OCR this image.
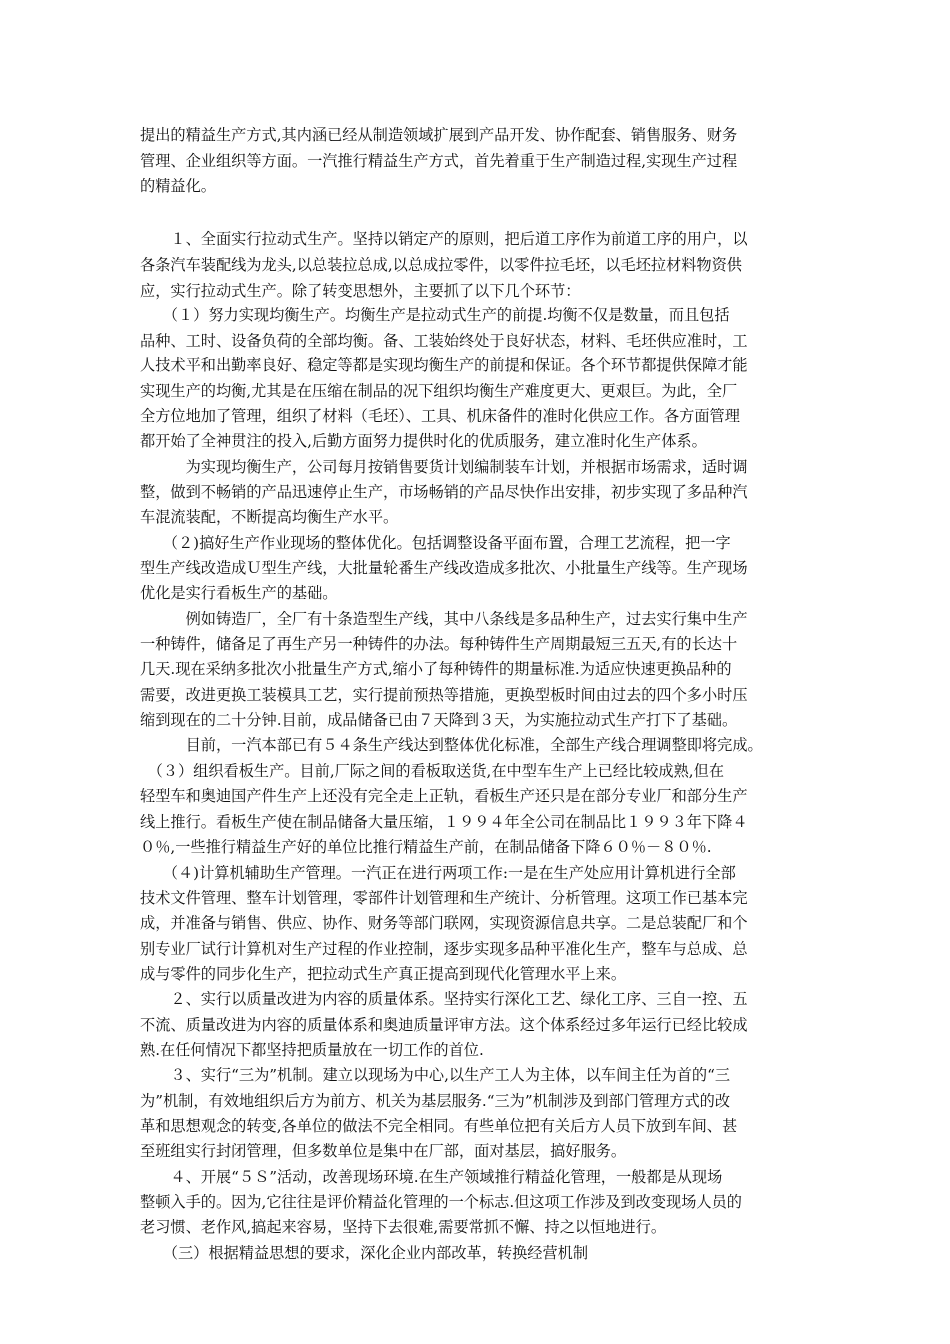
提出的精益生产方式,其内涵已经从制造领域扩展到产品开发、协作配套、销售服务、财务
管理、企业组织等方面。一汽推行精益生产方式，首先着重于生产制造过程,实现生产过程
的精益化。
　　１、全面实行拉动式生产。坚持以销定产的原则，把后道工序作为前道工序的用户，以
各条汽车装配线为龙头,以总装拉总成,以总成拉零件，以零件拉毛坯，以毛坯拉材料物资供
应，实行拉动式生产。除了转变思想外，主要抓了以下几个环节：
　　（１）努力实现均衡生产。均衡生产是拉动式生产的前提.均衡不仅是数量，而且包括
品种、工时、设备负荷的全部均衡。备、工装始终处于良好状态，材料、毛坯供应准时，工
人技术平和出勤率良好、稳定等都是实现均衡生产的前提和保证。各个环节都提供保障才能
实现生产的均衡,尤其是在压缩在制品的况下组织均衡生产难度更大、更艰巨。为此，全厂
全方位地加了管理，组织了材料（毛坯）、工具、机床备件的准时化供应工作。各方面管理
都开始了全神贯注的投入,后勤方面努力提供时化的优质服务，建立准时化生产体系。
　　　为实现均衡生产，公司每月按销售要货计划编制装车计划，并根据市场需求，适时调
整，做到不畅销的产品迅速停止生产，市场畅销的产品尽快作出安排，初步实现了多品种汽
车混流装配，不断提高均衡生产水平。
　　（２)搞好生产作业现场的整体优化。包括调整设备平面布置，合理工艺流程，把一字
型生产线改造成Ｕ型生产线，大批量轮番生产线改造成多批次、小批量生产线等。生产现场
优化是实行看板生产的基础。
　　　例如铸造厂，全厂有十条造型生产线，其中八条线是多品种生产，过去实行集中生产
一种铸件，储备足了再生产另一种铸件的办法。每种铸件生产周期最短三五天,有的长达十
几天.现在采纳多批次小批量生产方式,缩小了每种铸件的期量标准.为适应快速更换品种的
需要，改进更换工装模具工艺，实行提前预热等措施，更换型板时间由过去的四个多小时压
缩到现在的二十分钟.目前，成品储备已由７天降到３天，为实施拉动式生产打下了基础。
　　　目前，一汽本部已有５４条生产线达到整体优化标准，全部生产线合理调整即将完成。
　（３）组织看板生产。目前,厂际之间的看板取送货,在中型车生产上已经比较成熟,但在
轻型车和奥迪国产件生产上还没有完全走上正轨，看板生产还只是在部分专业厂和部分生产
线上推行。看板生产使在制品储备大量压缩，１９９４年全公司在制品比１９９３年下降４
０％,一些推行精益生产好的单位比推行精益生产前，在制品储备下降６０％－８０％.
　　（４)计算机辅助生产管理。一汽正在进行两项工作:一是在生产处应用计算机进行全部
技术文件管理、整车计划管理，零部件计划管理和生产统计、分析管理。这项工作已基本完
成，并准备与销售、供应、协作、财务等部门联网，实现资源信息共享。二是总装配厂和个
别专业厂试行计算机对生产过程的作业控制，逐步实现多品种平准化生产，整车与总成、总
成与零件的同步化生产，把拉动式生产真正提高到现代化管理水平上来。
　　２、实行以质量改进为内容的质量体系。坚持实行深化工艺、绿化工序、三自一控、五
不流、质量改进为内容的质量体系和奥迪质量评审方法。这个体系经过多年运行已经比较成
熟.在任何情况下都坚持把质量放在一切工作的首位.
　　３、实行“三为”机制。建立以现场为中心,以生产工人为主体，以车间主任为首的“三
为”机制，有效地组织后方为前方、机关为基层服务.“三为”机制涉及到部门管理方式的改
革和思想观念的转变,各单位的做法不完全相同。有些单位把有关后方人员下放到车间、甚
至班组实行封闭管理，但多数单位是集中在厂部，面对基层，搞好服务。
　　４、开展“５Ｓ”活动，改善现场环境.在生产领域推行精益化管理，一般都是从现场
整顿入手的。因为,它往往是评价精益化管理的一个标志.但这项工作涉及到改变现场人员的
老习惯、老作风,搞起来容易，坚持下去很难,需要常抓不懈、持之以恒地进行。
　　（三）根据精益思想的要求，深化企业内部改革，转换经营机制
